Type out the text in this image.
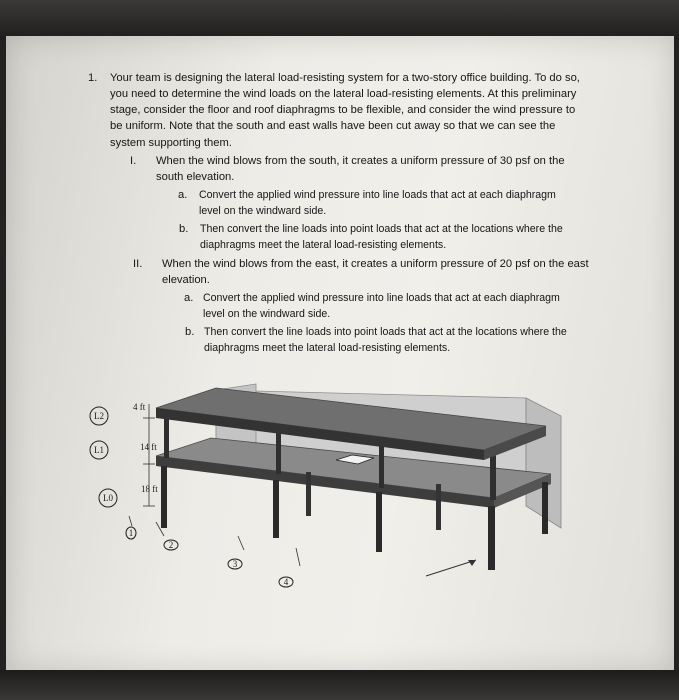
1. Your team is designing the lateral load-resisting system for a two-story office building. To do so,
you need to determine the wind loads on the lateral load-resisting elements. At this preliminary
stage, consider the floor and roof diaphragms to be flexible, and consider the wind pressure to
be uniform. Note that the south and east walls have been cut away so that we can see the
system supporting them.
I. When the wind blows from the south, it creates a uniform pressure of 30 psf on the
south elevation.
a. Convert the applied wind pressure into line loads that act at each diaphragm
level on the windward side.
b. Then convert the line loads into point loads that act at the locations where the
diaphragms meet the lateral load-resisting elements.
II. When the wind blows from the east, it creates a uniform pressure of 20 psf on the east
elevation.
a. Convert the applied wind pressure into line loads that act at each diaphragm
level on the windward side.
b. Then convert the line loads into point loads that act at the locations where the
diaphragms meet the lateral load-resisting elements.
L2
L1
L0
4 ft
14 ft
18 ft
1
2
3
4
